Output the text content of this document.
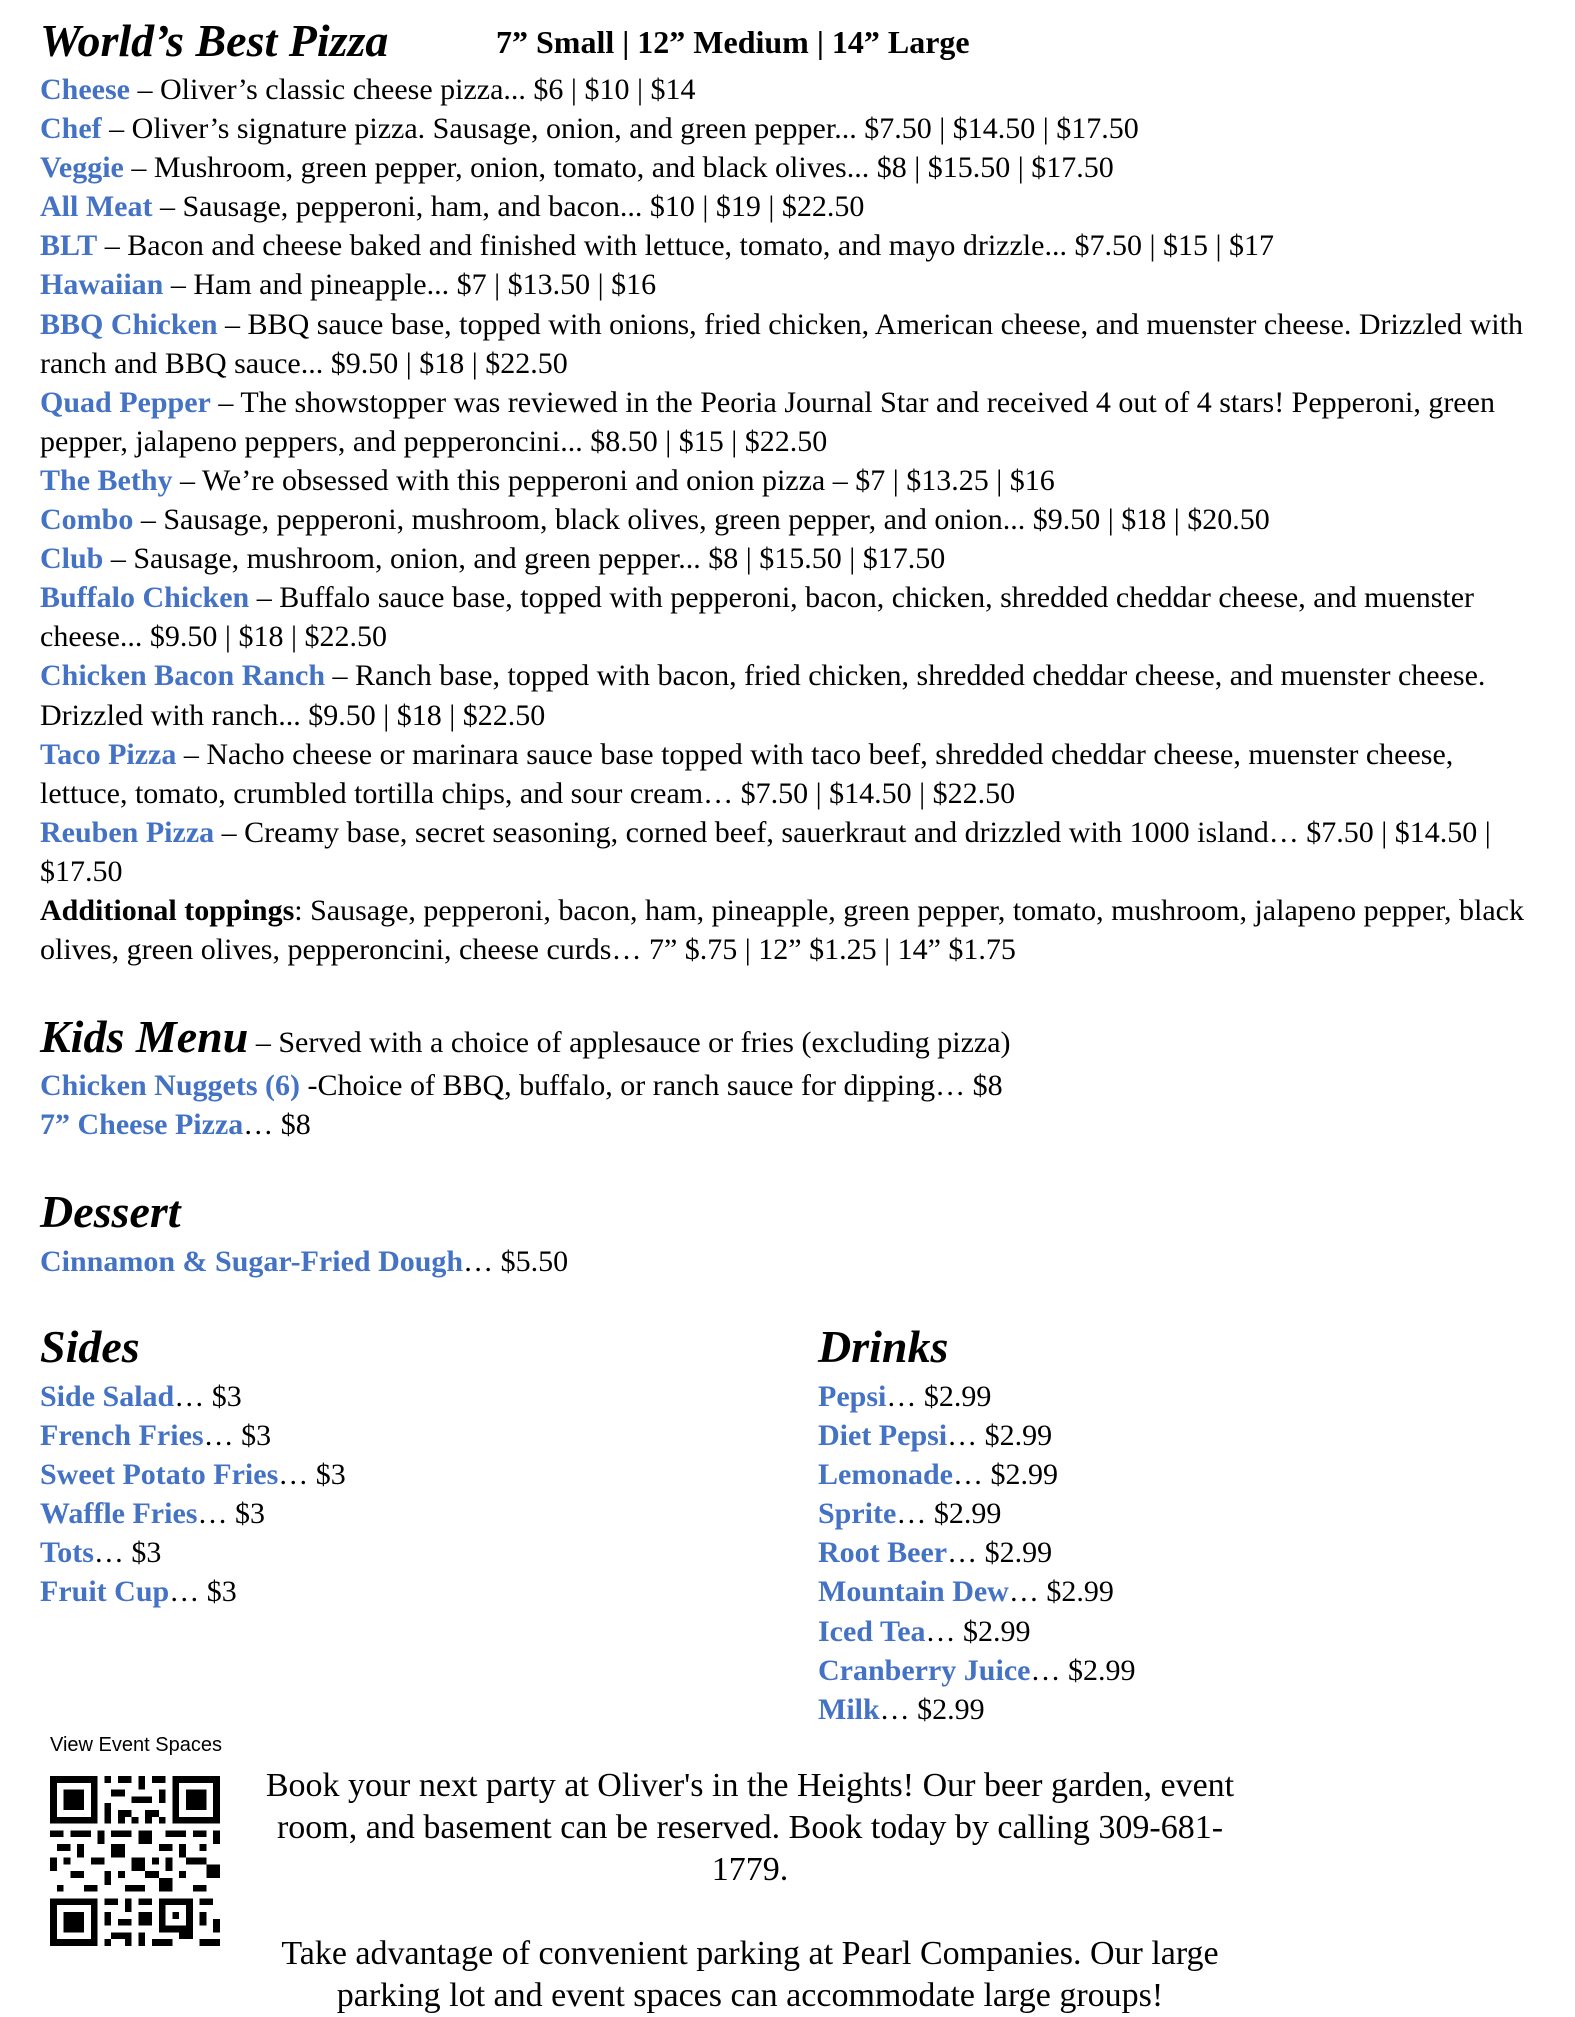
World’s Best Pizza	7” Small | 12” Medium | 14” Large

Cheese – Oliver’s classic cheese pizza... $6 | $10 | $14

Chef – Oliver’s signature pizza. Sausage, onion, and green pepper... $7.50 | $14.50 | $17.50

Veggie – Mushroom, green pepper, onion, tomato, and black olives... $8 | $15.50 | $17.50

All Meat – Sausage, pepperoni, ham, and bacon... $10 | $19 | $22.50

BLT – Bacon and cheese baked and finished with lettuce, tomato, and mayo drizzle... $7.50 | $15 | $17

Hawaiian – Ham and pineapple... $7 | $13.50 | $16

BBQ Chicken – BBQ sauce base, topped with onions, fried chicken, American cheese, and muenster cheese. Drizzled with ranch and BBQ sauce... $9.50 | $18 | $22.50

Quad Pepper – The showstopper was reviewed in the Peoria Journal Star and received 4 out of 4 stars! Pepperoni, green pepper, jalapeno peppers, and pepperoncini... $8.50 | $15 | $22.50

The Bethy – We’re obsessed with this pepperoni and onion pizza – $7 | $13.25 | $16

Combo – Sausage, pepperoni, mushroom, black olives, green pepper, and onion... $9.50 | $18 | $20.50

Club – Sausage, mushroom, onion, and green pepper... $8 | $15.50 | $17.50

Buffalo Chicken – Buffalo sauce base, topped with pepperoni, bacon, chicken, shredded cheddar cheese, and muenster cheese... $9.50 | $18 | $22.50

Chicken Bacon Ranch – Ranch base, topped with bacon, fried chicken, shredded cheddar cheese, and muenster cheese. Drizzled with ranch... $9.50 | $18 | $22.50

Taco Pizza – Nacho cheese or marinara sauce base topped with taco beef, shredded cheddar cheese, muenster cheese, lettuce, tomato, crumbled tortilla chips, and sour cream… $7.50 | $14.50 | $22.50

Reuben Pizza – Creamy base, secret seasoning, corned beef, sauerkraut and drizzled with 1000 island… $7.50 | $14.50 | $17.50

Additional toppings: Sausage, pepperoni, bacon, ham, pineapple, green pepper, tomato, mushroom, jalapeno pepper, black olives, green olives, pepperoncini, cheese curds… 7” $.75 | 12” $1.25 | 14” $1.75

Kids Menu – Served with a choice of applesauce or fries (excluding pizza)
Chicken Nuggets (6) -Choice of BBQ, buffalo, or ranch sauce for dipping… $8
7” Cheese Pizza… $8
Dessert
Cinnamon & Sugar-Fried Dough… $5.50
Sides
Side Salad… $3
French Fries… $3
Sweet Potato Fries… $3
Waffle Fries… $3
Tots… $3
Fruit Cup… $3
Drinks
Pepsi… $2.99
Diet Pepsi… $2.99
Lemonade… $2.99
Sprite… $2.99
Root Beer… $2.99
Mountain Dew… $2.99
Iced Tea… $2.99
Cranberry Juice… $2.99
Milk… $2.99
View Event Spaces

Book your next party at Oliver's in the Heights! Our beer garden, event room, and basement can be reserved. Book today by calling 309-681-1779.

Take advantage of convenient parking at Pearl Companies. Our large parking lot and event spaces can accommodate large groups!
